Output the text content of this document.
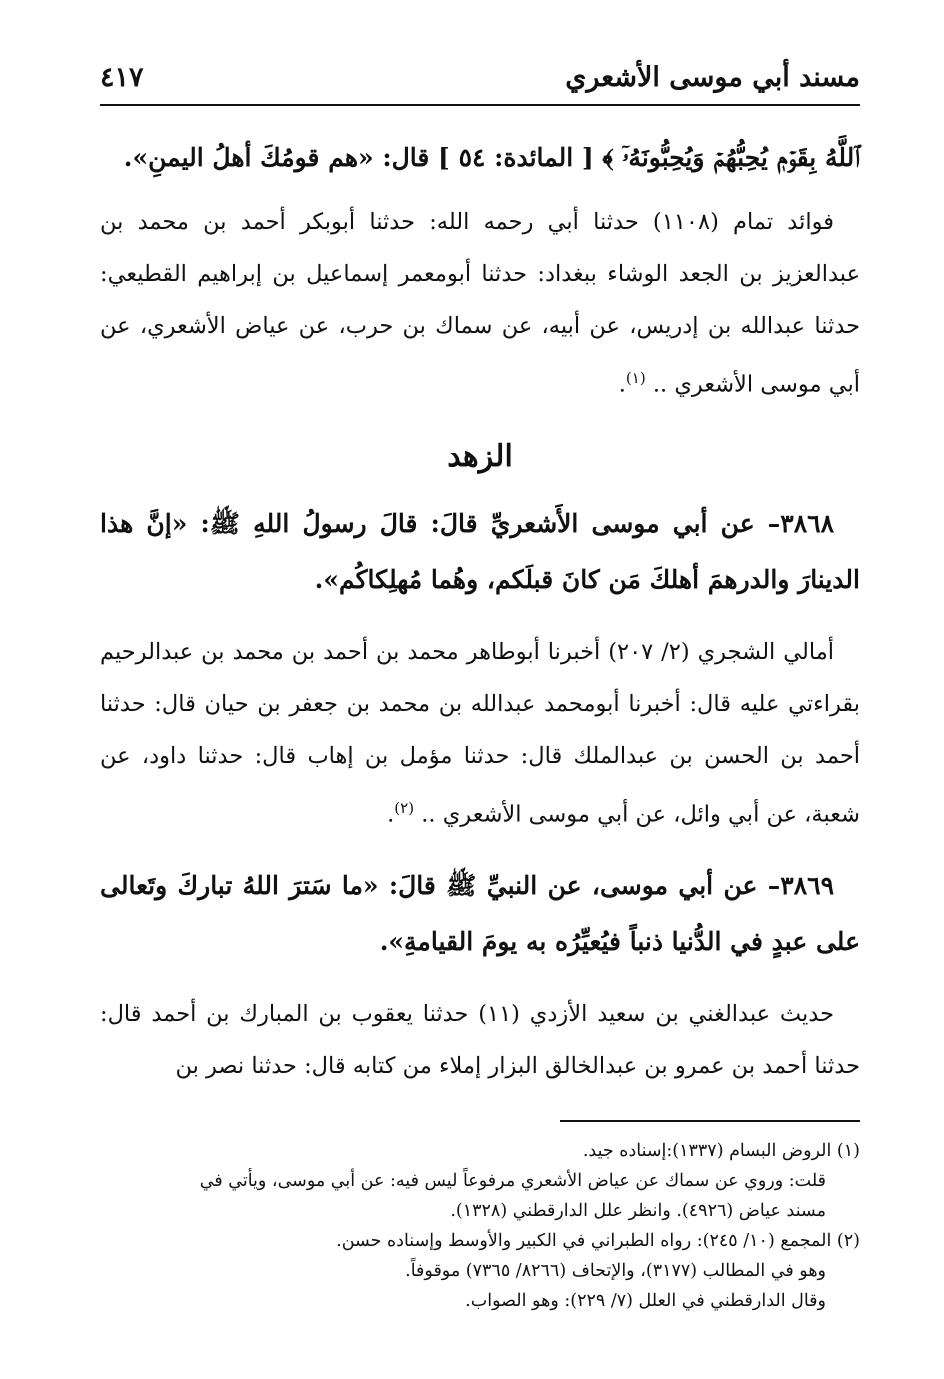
مسند أبي موسى الأشعري
٤١٧

ٱللَّهُ بِقَوۡمٖ يُحِبُّهُمۡ وَيُحِبُّونَهُۥٓ ﴾ [ المائدة: ٥٤ ] قال: «هم قومُكَ أهلُ اليمنِ».

فوائد تمام (١١٠٨) حدثنا أبي رحمه الله: حدثنا أبوبكر أحمد بن محمد بن عبدالعزيز بن الجعد الوشاء ببغداد: حدثنا أبومعمر إسماعيل بن إبراهيم القطيعي: حدثنا عبدالله بن إدريس، عن أبيه، عن سماك بن حرب، عن عياض الأشعري، عن أبي موسى الأشعري .. $^{(١)}$.

الزهد

٣٨٦٨– عن أبي موسى الأَشعريِّ قالَ: قالَ رسولُ اللهِ ﷺ: «إنَّ هذا الدينارَ والدرهمَ أهلكَ مَن كانَ قبلَكم، وهُما مُهلِكاكُم».

أمالي الشجري (٢/ ٢٠٧) أخبرنا أبوطاهر محمد بن أحمد بن محمد بن عبدالرحيم بقراءتي عليه قال: أخبرنا أبومحمد عبدالله بن محمد بن جعفر بن حيان قال: حدثنا أحمد بن الحسن بن عبدالملك قال: حدثنا مؤمل بن إهاب قال: حدثنا داود، عن شعبة، عن أبي وائل، عن أبي موسى الأشعري .. $^{(٢)}$.

٣٨٦٩– عن أبي موسى، عن النبيِّ ﷺ قالَ: «ما سَترَ اللهُ تباركَ وتَعالى على عبدٍ في الدُّنيا ذنباً فيُعيِّرُه به يومَ القيامةِ».

حديث عبدالغني بن سعيد الأزدي (١١) حدثنا يعقوب بن المبارك بن أحمد قال: حدثنا أحمد بن عمرو بن عبدالخالق البزار إملاء من كتابه قال: حدثنا نصر بن

(١) الروض البسام (١٣٣٧):إسناده جيد.
قلت: وروي عن سماك عن عياض الأشعري مرفوعاً ليس فيه: عن أبي موسى، ويأتي في
مسند عياض (٤٩٢٦). وانظر علل الدارقطني (١٣٢٨).
(٢) المجمع (١٠/ ٢٤٥): رواه الطبراني في الكبير والأوسط وإسناده حسن.
وهو في المطالب (٣١٧٧)، والإتحاف (٨٢٦٦/ ٧٣٦٥) موقوفاً.
وقال الدارقطني في العلل (٧/ ٢٢٩): وهو الصواب.
